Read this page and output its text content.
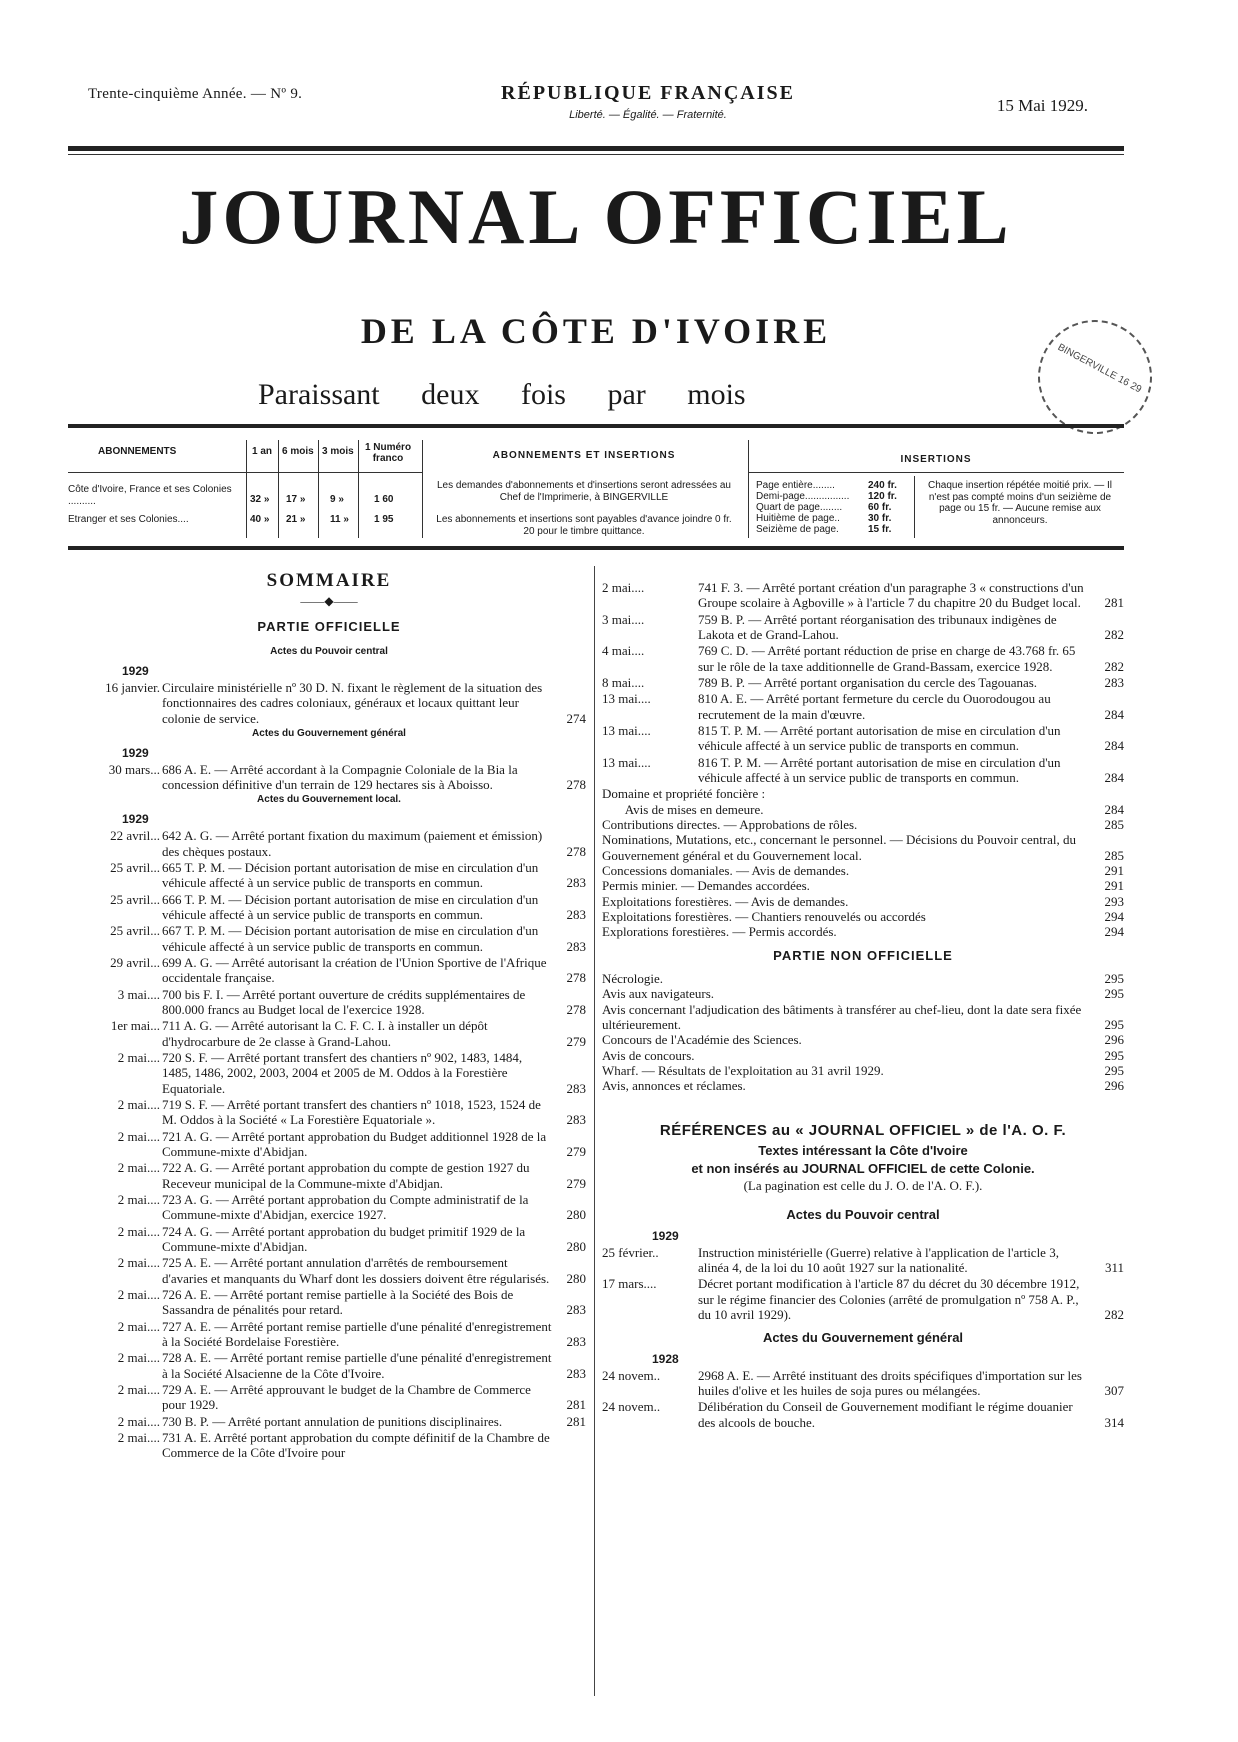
Trente-cinquième Année. — Nº 9.	RÉPUBLIQUE FRANÇAISE
Liberté. — Égalité. — Fraternité.	15 Mai 1929.
JOURNAL OFFICIEL
DE LA CÔTE D'IVOIRE
Paraissant deux fois par mois	BINGERVILLE 16 29
ABONNEMENTS	1 an 6 mois 3 mois	1 Numéro franco
Côte d'Ivoire, France et ses Colonies ..........	32 » 17 » 9 »	1 60
Etranger et ses Colonies....	40 » 21 » 11 »	1 95
ABONNEMENTS ET INSERTIONS
Les demandes d'abonnements et d'insertions seront adressées au Chef de l'Imprimerie, à BINGERVILLE
Les abonnements et insertions sont payables d'avance joindre 0 fr. 20 pour le timbre quittance.
INSERTIONS
Page entière........	240 fr.
Demi-page................ 120 fr.
Quart de page........	60 fr.
Huitième de page..	30 fr.
Seizième de page.	15 fr.
Chaque insertion répétée moitié prix. — Il n'est pas compté moins d'un seizième de page ou 15 fr. — Aucune remise aux annonceurs.
SOMMAIRE
——◆——
PARTIE OFFICIELLE
Actes du Pouvoir central
1929
16 janvier. Circulaire ministérielle nº 30 D. N. fixant le règlement de la situation des fonctionnaires des cadres coloniaux, généraux et locaux quittant leur colonie de service.	274
Actes du Gouvernement général
1929
30 mars... 686 A. E. — Arrêté accordant à la Compagnie Coloniale de la Bia la concession définitive d'un terrain de 129 hectares sis à Aboisso.	278
Actes du Gouvernement local.
1929
22 avril... 642 A. G. — Arrêté portant fixation du maximum (paiement et émission) des chèques postaux.	278
25 avril... 665 T. P. M. — Décision portant autorisation de mise en circulation d'un véhicule affecté à un service public de transports en commun.	283
25 avril... 666 T. P. M. — Décision portant autorisation de mise en circulation d'un véhicule affecté à un service public de transports en commun.	283
25 avril... 667 T. P. M. — Décision portant autorisation de mise en circulation d'un véhicule affecté à un service public de transports en commun.	283
29 avril... 699 A. G. — Arrêté autorisant la création de l'Union Sportive de l'Afrique occidentale française.	278
3 mai.... 700 bis F. I. — Arrêté portant ouverture de crédits supplémentaires de 800.000 francs au Budget local de l'exercice 1928.	278
1er mai... 711 A. G. — Arrêté autorisant la C. F. C. I. à installer un dépôt d'hydrocarbure de 2e classe à Grand-Lahou.	279
2 mai.... 720 S. F. — Arrêté portant transfert des chantiers nº 902, 1483, 1484, 1485, 1486, 2002, 2003, 2004 et 2005 de M. Oddos à la Forestière Equatoriale.	283
2 mai.... 719 S. F. — Arrêté portant transfert des chantiers nº 1018, 1523, 1524 de M. Oddos à la Société « La Forestière Equatoriale ».	283
2 mai.... 721 A. G. — Arrêté portant approbation du Budget additionnel 1928 de la Commune-mixte d'Abidjan.	279
2 mai.... 722 A. G. — Arrêté portant approbation du compte de gestion 1927 du Receveur municipal de la Commune-mixte d'Abidjan.	279
2 mai.... 723 A. G. — Arrêté portant approbation du Compte administratif de la Commune-mixte d'Abidjan, exercice 1927.	280
2 mai.... 724 A. G. — Arrêté portant approbation du budget primitif 1929 de la Commune-mixte d'Abidjan.	280
2 mai.... 725 A. E. — Arrêté portant annulation d'arrêtés de remboursement d'avaries et manquants du Wharf dont les dossiers doivent être régularisés.	280
2 mai.... 726 A. E. — Arrêté portant remise partielle à la Société des Bois de Sassandra de pénalités pour retard.	283
2 mai.... 727 A. E. — Arrêté portant remise partielle d'une pénalité d'enregistrement à la Société Bordelaise Forestière.	283
2 mai.... 728 A. E. — Arrêté portant remise partielle d'une pénalité d'enregistrement à la Société Alsacienne de la Côte d'Ivoire.	283
2 mai.... 729 A. E. — Arrêté approuvant le budget de la Chambre de Commerce pour 1929.	281
2 mai.... 730 B. P. — Arrêté portant annulation de punitions disciplinaires.	281
2 mai.... 731 A. E. Arrêté portant approbation du compte définitif de la Chambre de Commerce de la Côte d'Ivoire pour
2 mai....	741 F. 3. — Arrêté portant création d'un paragraphe 3 « constructions d'un Groupe scolaire à Agboville » à l'article 7 du chapitre 20 du Budget local.	281
3 mai....	759 B. P. — Arrêté portant réorganisation des tribunaux indigènes de Lakota et de Grand-Lahou.	282
4 mai....	769 C. D. — Arrêté portant réduction de prise en charge de 43.768 fr. 65 sur le rôle de la taxe additionnelle de Grand-Bassam, exercice 1928.	282
8 mai....	789 B. P. — Arrêté portant organisation du cercle des Tagouanas.	283
13 mai....	810 A. E. — Arrêté portant fermeture du cercle du Ouorodougou au recrutement de la main d'œuvre.	284
13 mai....	815 T. P. M. — Arrêté portant autorisation de mise en circulation d'un véhicule affecté à un service public de transports en commun.	284
13 mai....	816 T. P. M. — Arrêté portant autorisation de mise en circulation d'un véhicule affecté à un service public de transports en commun.	284
Domaine et propriété foncière :
Avis de mises en demeure.	284
Contributions directes. — Approbations de rôles.	285
Nominations, Mutations, etc., concernant le personnel. — Décisions du Pouvoir central, du Gouvernement général et du Gouvernement local.	285
Concessions domaniales. — Avis de demandes.	291
Permis minier. — Demandes accordées.	291
Exploitations forestières. — Avis de demandes.	293
Exploitations forestières. — Chantiers renouvelés ou accordés	294
Explorations forestières. — Permis accordés.	294
PARTIE NON OFFICIELLE
Nécrologie.	295
Avis aux navigateurs.	295
Avis concernant l'adjudication des bâtiments à transférer au chef-lieu, dont la date sera fixée ultérieurement.	295
Concours de l'Académie des Sciences.	296
Avis de concours.	295
Wharf. — Résultats de l'exploitation au 31 avril 1929.	295
Avis, annonces et réclames.	296
RÉFÉRENCES au « JOURNAL OFFICIEL » de l'A. O. F.
Textes intéressant la Côte d'Ivoire
et non insérés au JOURNAL OFFICIEL de cette Colonie.
(La pagination est celle du J. O. de l'A. O. F.).
Actes du Pouvoir central
1929
25 février..	Instruction ministérielle (Guerre) relative à l'application de l'article 3, alinéa 4, de la loi du 10 août 1927 sur la nationalité.	311
17 mars....	Décret portant modification à l'article 87 du décret du 30 décembre 1912, sur le régime financier des Colonies (arrêté de promulgation nº 758 A. P., du 10 avril 1929).	282
Actes du Gouvernement général
1928
24 novem..	2968 A. E. — Arrêté instituant des droits spécifiques d'importation sur les huiles d'olive et les huiles de soja pures ou mélangées.	307
24 novem..	Délibération du Conseil de Gouvernement modifiant le régime douanier des alcools de bouche.	314
